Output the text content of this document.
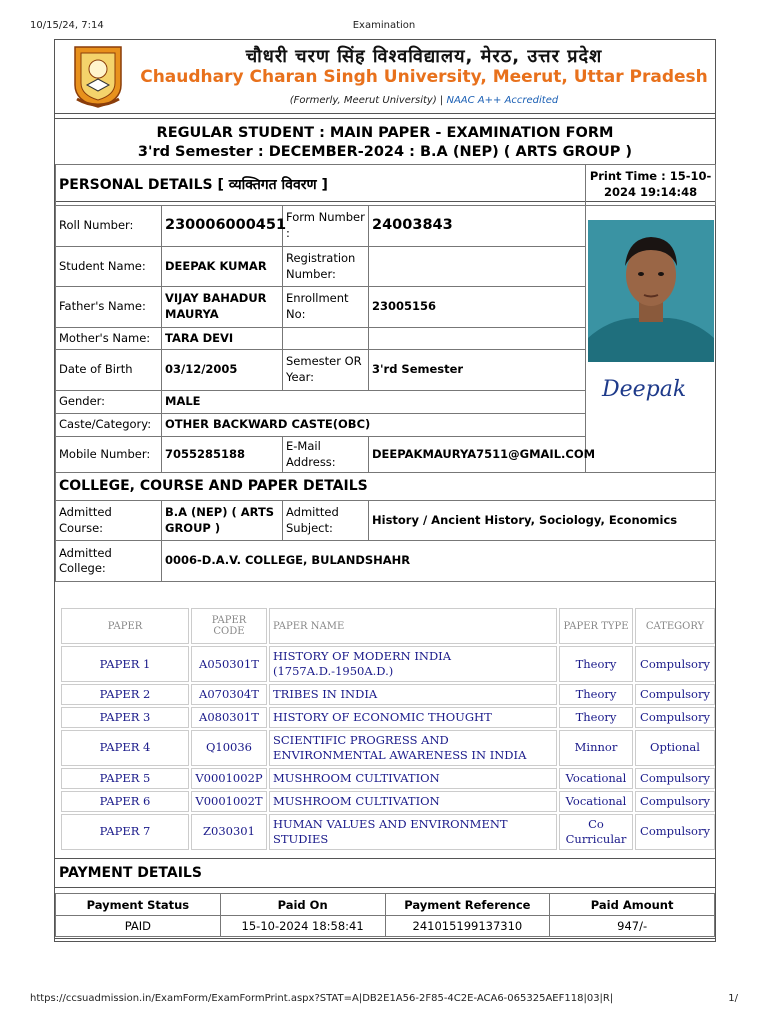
10/15/24, 7:14	Examination
चौधरी चरण सिंह विश्वविद्यालय, मेरठ, उत्तर प्रदेश
Chaudhary Charan Singh University, Meerut, Uttar Pradesh
(Formerly, Meerut University) | NAAC A++ Accredited
REGULAR STUDENT : MAIN PAPER - EXAMINATION FORM
3'rd Semester : DECEMBER-2024 : B.A (NEP) ( ARTS GROUP )
PERSONAL DETAILS [ व्यक्तिगत विवरण ]				Print Time : 15-10-2024 19:14:48
Roll Number:	230006000451	Form Number :	24003843	Deepak

Student Name:	DEEPAK KUMAR	Registration Number:		
Father's Name:	VIJAY BAHADUR MAURYA	Enrollment No:	23005156	
Mother's Name:	TARA DEVI			
Date of Birth	03/12/2005	Semester OR Year:	3'rd Semester	
Gender:	MALE			
Caste/Category:	OTHER BACKWARD CASTE(OBC)			
Mobile Number:	7055285188	E-Mail Address:	DEEPAKMAURYA7511@GMAIL.COM	
COLLEGE, COURSE AND PAPER DETAILS				
Admitted Course:	B.A (NEP) ( ARTS GROUP )	Admitted Subject:	History / Ancient History, Sociology, Economics	
Admitted College:	0006-D.A.V. COLLEGE, BULANDSHAHR			
PAPER	PAPER CODE	PAPER NAME	PAPER TYPE	CATEGORY
PAPER 1	A050301T	HISTORY OF MODERN INDIA (1757A.D.-1950A.D.)	Theory	Compulsory
PAPER 2	A070304T	TRIBES IN INDIA	Theory	Compulsory
PAPER 3	A080301T	HISTORY OF ECONOMIC THOUGHT	Theory	Compulsory
PAPER 4	Q10036	SCIENTIFIC PROGRESS AND ENVIRONMENTAL AWARENESS IN INDIA	Minnor	Optional
PAPER 5	V0001002P	MUSHROOM CULTIVATION	Vocational	Compulsory
PAPER 6	V0001002T	MUSHROOM CULTIVATION	Vocational	Compulsory
PAPER 7	Z030301	HUMAN VALUES AND ENVIRONMENT STUDIES	Co Curricular	Compulsory
PAYMENT DETAILS
Payment Status	Paid On	Payment Reference	Paid Amount
PAID	15-10-2024 18:58:41	241015199137310	947/-
https://ccsuadmission.in/ExamForm/ExamFormPrint.aspx?STAT=A|DB2E1A56-2F85-4C2E-ACA6-065325AEF118|03|R|	1/
